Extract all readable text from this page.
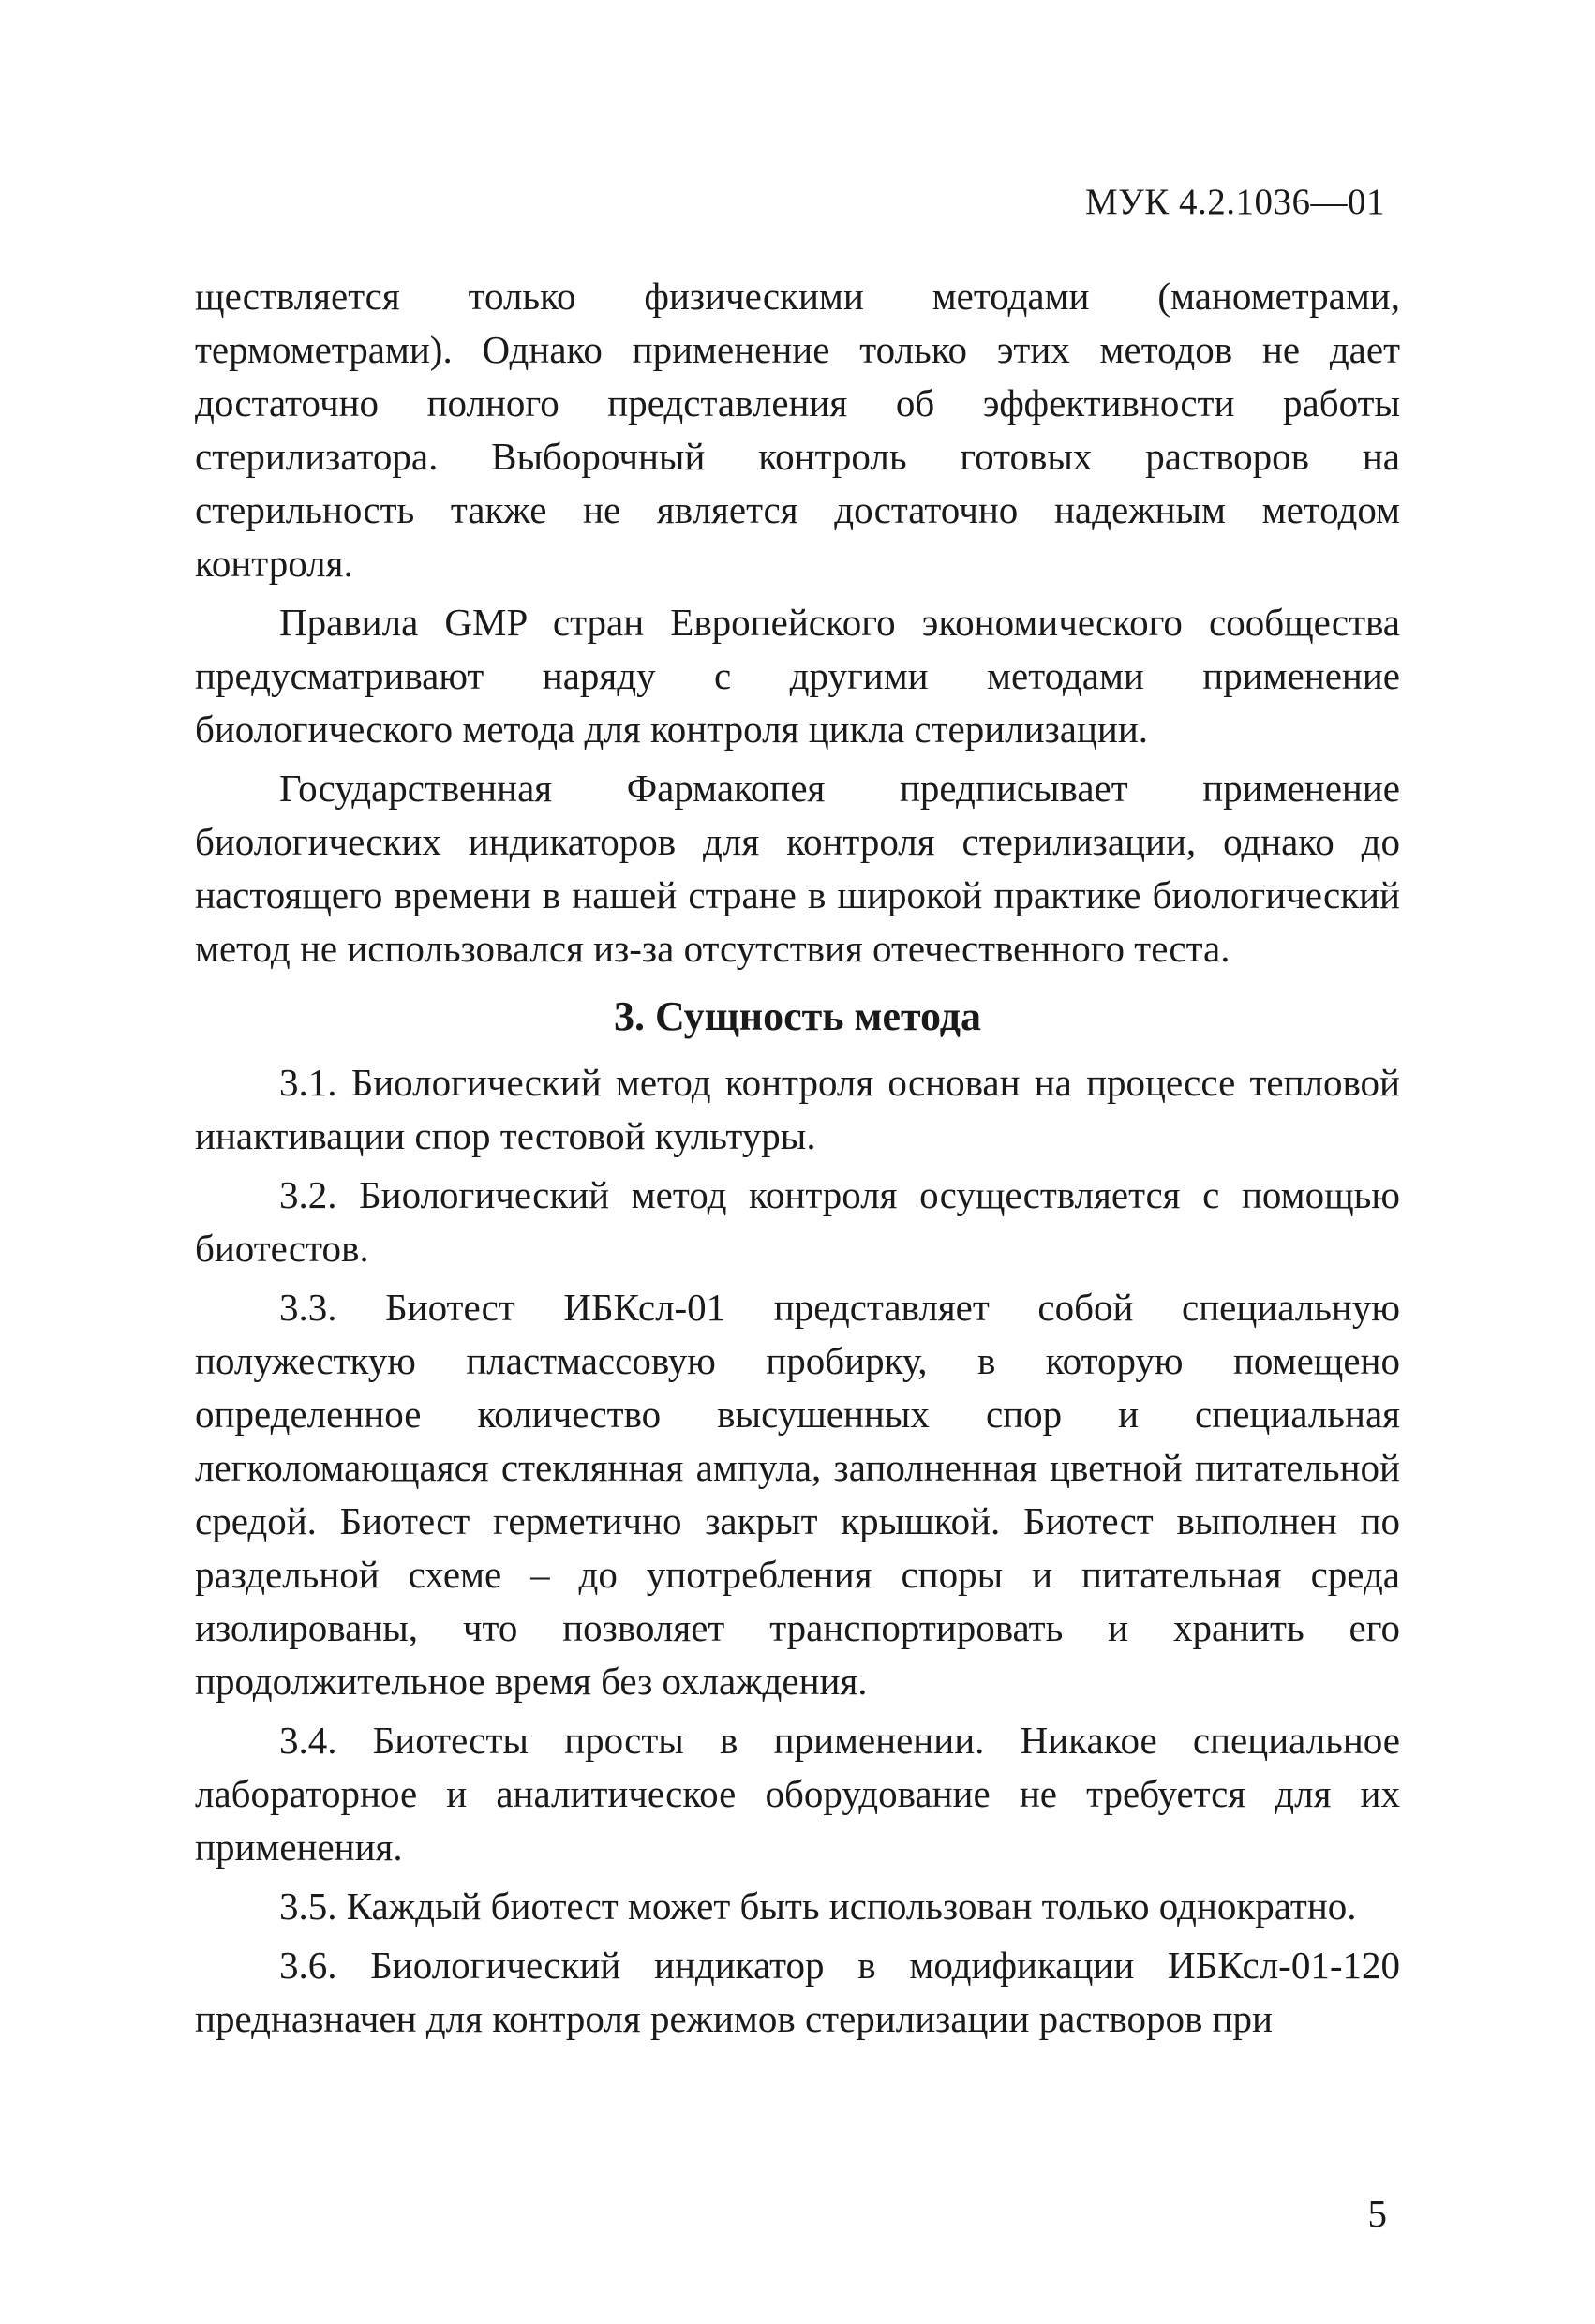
МУК 4.2.1036—01

ществляется только физическими методами (манометрами, термометрами). Однако применение только этих методов не дает достаточно полного представления об эффективности работы стерилизатора. Выборочный контроль готовых растворов на стерильность также не является достаточно надежным методом контроля.

Правила GMP стран Европейского экономического сообщества предусматривают наряду с другими методами применение биологического метода для контроля цикла стерилизации.

Государственная Фармакопея предписывает применение биологических индикаторов для контроля стерилизации, однако до настоящего времени в нашей стране в широкой практике биологический метод не использовался из-за отсутствия отечественного теста.

3. Сущность метода

3.1. Биологический метод контроля основан на процессе тепловой инактивации спор тестовой культуры.

3.2. Биологический метод контроля осуществляется с помощью биотестов.

3.3. Биотест ИБКсл-01 представляет собой специальную полужесткую пластмассовую пробирку, в которую помещено определенное количество высушенных спор и специальная легколомающаяся стеклянная ампула, заполненная цветной питательной средой. Биотест герметично закрыт крышкой. Биотест выполнен по раздельной схеме – до употребления споры и питательная среда изолированы, что позволяет транспортировать и хранить его продолжительное время без охлаждения.

3.4. Биотесты просты в применении. Никакое специальное лабораторное и аналитическое оборудование не требуется для их применения.

3.5. Каждый биотест может быть использован только однократно.

3.6. Биологический индикатор в модификации ИБКсл-01-120 предназначен для контроля режимов стерилизации растворов при

5
